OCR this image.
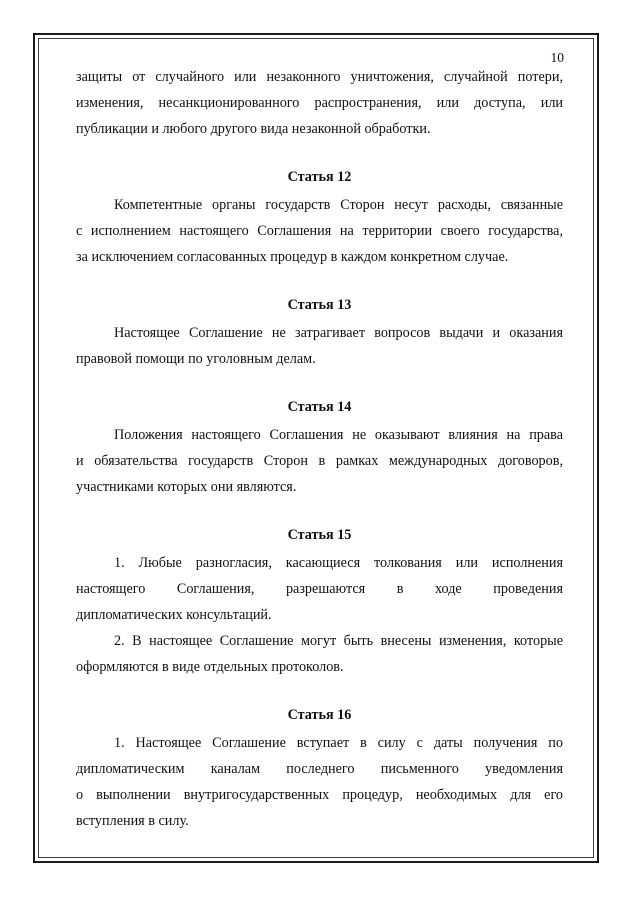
10

защиты от случайного или незаконного уничтожения, случайной потери,

изменения, несанкционированного распространения, или доступа, или

публикации и любого другого вида незаконной обработки.

Статья 12

Компетентные органы государств Сторон несут расходы, связанные

с исполнением настоящего Соглашения на территории своего государства,

за исключением согласованных процедур в каждом конкретном случае.

Статья 13

Настоящее Соглашение не затрагивает вопросов выдачи и оказания

правовой помощи по уголовным делам.

Статья 14

Положения настоящего Соглашения не оказывают влияния на права

и обязательства государств Сторон в рамках международных договоров,

участниками которых они являются.

Статья 15

1. Любые разногласия, касающиеся толкования или исполнения

настоящего Соглашения, разрешаются в ходе проведения

дипломатических консультаций.

2. В настоящее Соглашение могут быть внесены изменения, которые

оформляются в виде отдельных протоколов.

Статья 16

1. Настоящее Соглашение вступает в силу с даты получения по

дипломатическим каналам последнего письменного уведомления

о выполнении внутригосударственных процедур, необходимых для его

вступления в силу.
